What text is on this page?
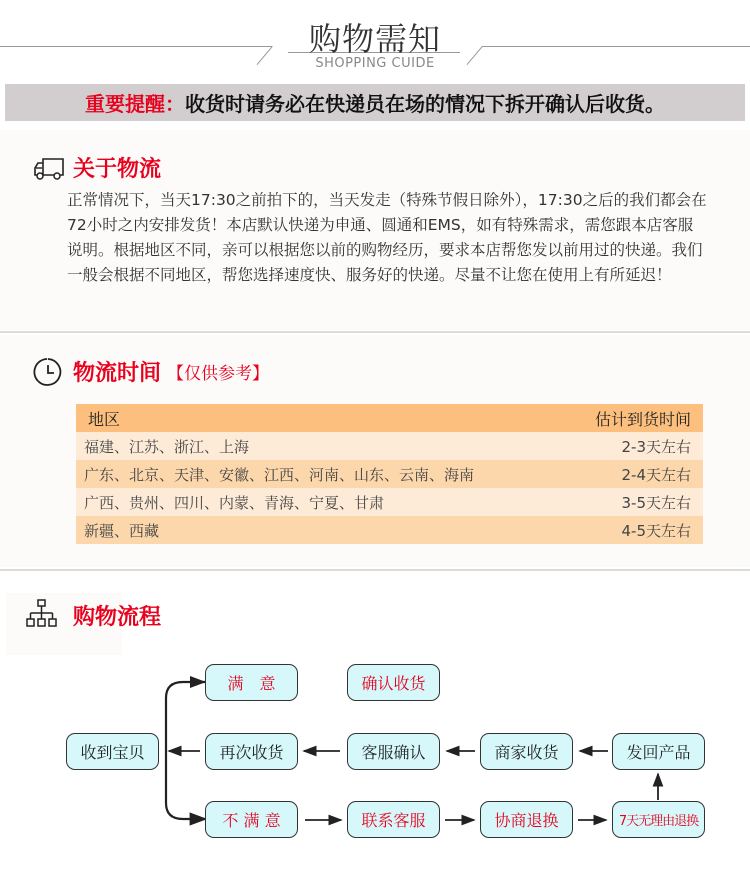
购物需知
SHOPPING CUIDE
重要提醒： 收货时请务必在快递员在场的情况下拆开确认后收货。
关于物流
正常情况下，当天17:30之前拍下的，当天发走（特殊节假日除外），17:30之后的我们都会在72小时之内安排发货！本店默认快递为申通、圆通和EMS，如有特殊需求，需您跟本店客服说明。根据地区不同，亲可以根据您以前的购物经历，要求本店帮您发以前用过的快递。我们一般会根据不同地区，帮您选择速度快、服务好的快递。尽量不让您在使用上有所延迟！
物流时间 【仅供参考】
地区	估计到货时间
福建、江苏、浙江、上海	2-3天左右
广东、北京、天津、安徽、江西、河南、山东、云南、海南	2-4天左右
广西、贵州、四川、内蒙、青海、宁夏、甘肃	3-5天左右
新疆、西藏	4-5天左右
购物流程
收到宝贝
满　意	确认收货
再次收货	客服确认	商家收货	发回产品
不 满 意	联系客服	协商退换	7天无理由退换
